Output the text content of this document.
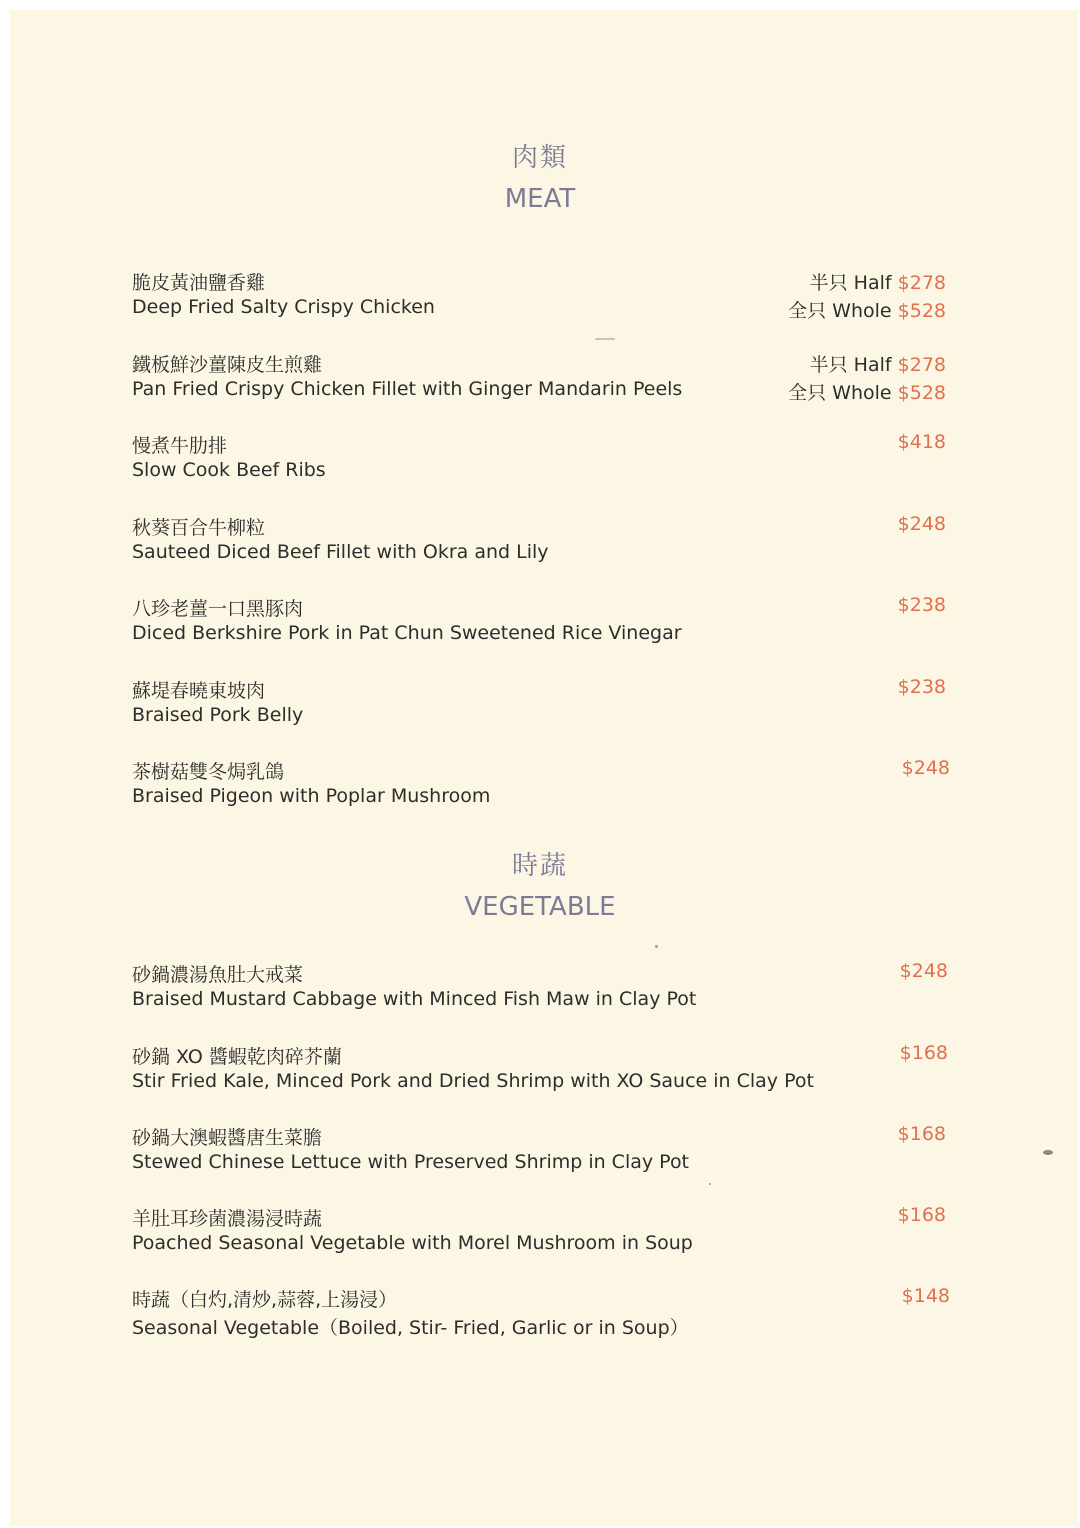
肉類
MEAT
脆皮黃油鹽香雞
Deep Fried Salty Crispy Chicken
半只 Half $278
全只 Whole $528
鐵板鮮沙薑陳皮生煎雞
Pan Fried Crispy Chicken Fillet with Ginger Mandarin Peels
半只 Half $278
全只 Whole $528
慢煮牛肋排
Slow Cook Beef Ribs
$418
秋葵百合牛柳粒
Sauteed Diced Beef Fillet with Okra and Lily
$248
八珍老薑一口黑豚肉
Diced Berkshire Pork in Pat Chun Sweetened Rice Vinegar
$238
蘇堤春曉東坡肉
Braised Pork Belly
$238
茶樹菇雙冬焗乳鴿
Braised Pigeon with Poplar Mushroom
$248
時蔬
VEGETABLE
砂鍋濃湯魚肚大戒菜
Braised Mustard Cabbage with Minced Fish Maw in Clay Pot
$248
砂鍋 XO 醬蝦乾肉碎芥蘭
Stir Fried Kale, Minced Pork and Dried Shrimp with XO Sauce in Clay Pot
$168
砂鍋大澳蝦醬唐生菜膽
Stewed Chinese Lettuce with Preserved Shrimp in Clay Pot
$168
羊肚耳珍菌濃湯浸時蔬
Poached Seasonal Vegetable with Morel Mushroom in Soup
$168
時蔬（白灼,清炒,蒜蓉,上湯浸）
Seasonal Vegetable（Boiled, Stir- Fried, Garlic or in Soup）
$148
